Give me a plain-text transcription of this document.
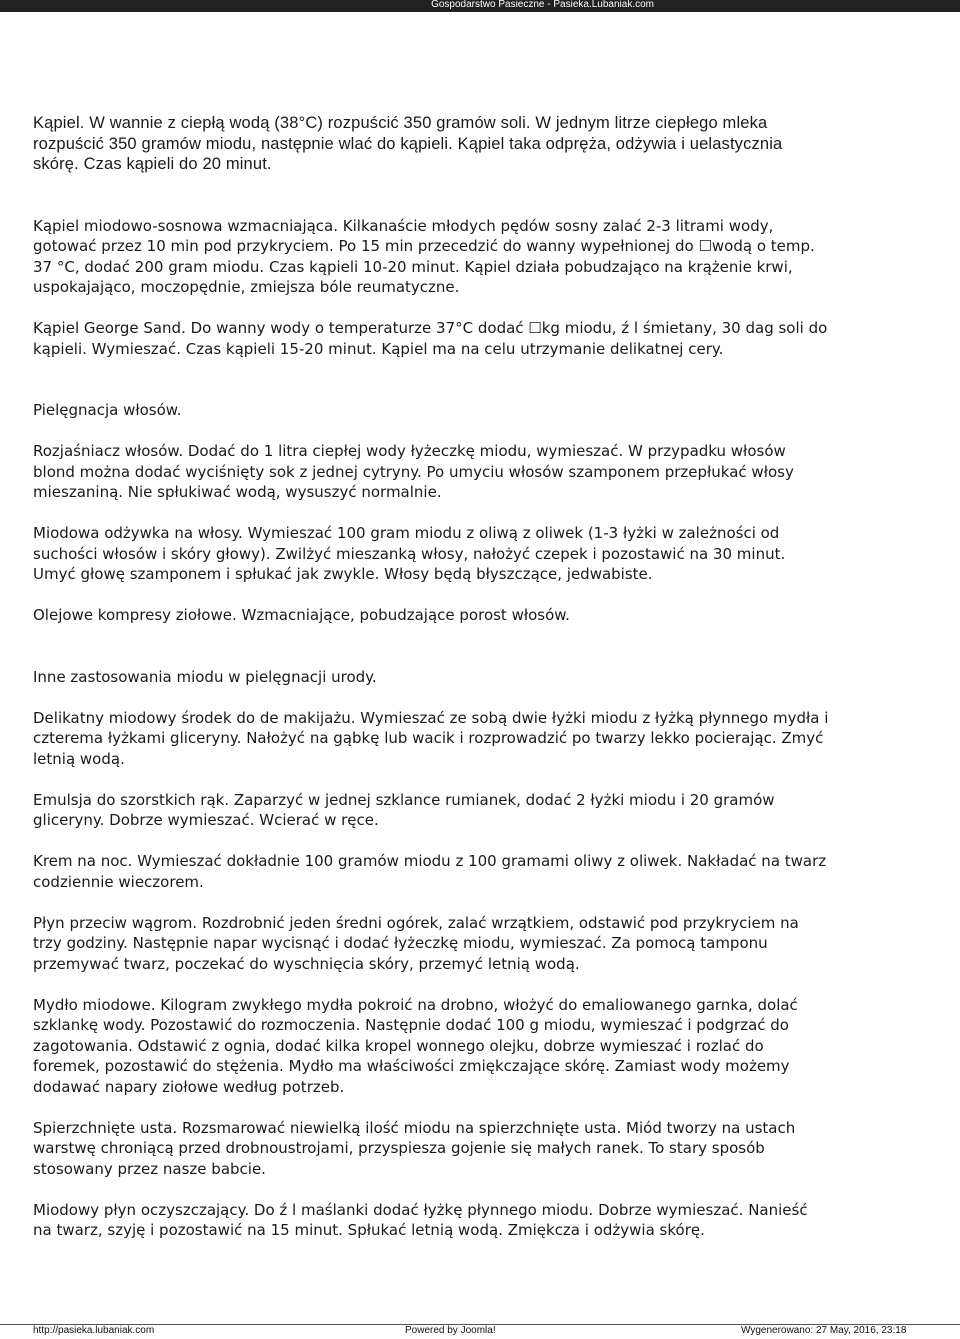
Gospodarstwo Pasieczne - Pasieka.Lubaniak.com

Kąpiel. W wannie z ciepłą wodą (38°C) rozpuścić 350 gramów soli. W jednym litrze ciepłego mleka
rozpuścić 350 gramów miodu, następnie wlać do kąpieli. Kąpiel taka odpręża, odżywia i uelastycznia
skórę. Czas kąpieli do 20 minut.

Kąpiel miodowo-sosnowa wzmacniająca. Kilkanaście młodych pędów sosny zalać 2-3 litrami wody,
gotować przez 10 min pod przykryciem. Po 15 min przecedzić do wanny wypełnionej do ☐wodą o temp.
37 °C, dodać 200 gram miodu. Czas kąpieli 10-20 minut. Kąpiel działa pobudzająco na krążenie krwi,
uspokajająco, moczopędnie, zmiejsza bóle reumatyczne.

Kąpiel George Sand. Do wanny wody o temperaturze 37°C dodać ☐kg miodu, ź l śmietany, 30 dag soli do
kąpieli. Wymieszać. Czas kąpieli 15-20 minut. Kąpiel ma na celu utrzymanie delikatnej cery.

Pielęgnacja włosów.

Rozjaśniacz włosów. Dodać do 1 litra ciepłej wody łyżeczkę miodu, wymieszać. W przypadku włosów
blond można dodać wyciśnięty sok z jednej cytryny. Po umyciu włosów szamponem przepłukać włosy
mieszaniną. Nie spłukiwać wodą, wysuszyć normalnie.

Miodowa odżywka na włosy. Wymieszać 100 gram miodu z oliwą z oliwek (1-3 łyżki w zależności od
suchości włosów i skóry głowy). Zwilżyć mieszanką włosy, nałożyć czepek i pozostawić na 30 minut.
Umyć głowę szamponem i spłukać jak zwykle. Włosy będą błyszczące, jedwabiste.

Olejowe kompresy ziołowe. Wzmacniające, pobudzające porost włosów.

Inne zastosowania miodu w pielęgnacji urody.

Delikatny miodowy środek do de makijażu. Wymieszać ze sobą dwie łyżki miodu z łyżką płynnego mydła i
czterema łyżkami gliceryny. Nałożyć na gąbkę lub wacik i rozprowadzić po twarzy lekko pocierając. Zmyć
letnią wodą.

Emulsja do szorstkich rąk. Zaparzyć w jednej szklance rumianek, dodać 2 łyżki miodu i 20 gramów
gliceryny. Dobrze wymieszać. Wcierać w ręce.

Krem na noc. Wymieszać dokładnie 100 gramów miodu z 100 gramami oliwy z oliwek. Nakładać na twarz
codziennie wieczorem.

Płyn przeciw wągrom. Rozdrobnić jeden średni ogórek, zalać wrzątkiem, odstawić pod przykryciem na
trzy godziny. Następnie napar wycisnąć i dodać łyżeczkę miodu, wymieszać. Za pomocą tamponu
przemywać twarz, poczekać do wyschnięcia skóry, przemyć letnią wodą.

Mydło miodowe. Kilogram zwykłego mydła pokroić na drobno, włożyć do emaliowanego garnka, dolać
szklankę wody. Pozostawić do rozmoczenia. Następnie dodać 100 g miodu, wymieszać i podgrzać do
zagotowania. Odstawić z ognia, dodać kilka kropel wonnego olejku, dobrze wymieszać i rozlać do
foremek, pozostawić do stężenia. Mydło ma właściwości zmiękczające skórę. Zamiast wody możemy
dodawać napary ziołowe według potrzeb.

Spierzchnięte usta. Rozsmarować niewielką ilość miodu na spierzchnięte usta. Miód tworzy na ustach
warstwę chroniącą przed drobnoustrojami, przyspiesza gojenie się małych ranek. To stary sposób
stosowany przez nasze babcie.

Miodowy płyn oczyszczający. Do ź l maślanki dodać łyżkę płynnego miodu. Dobrze wymieszać. Nanieść
na twarz, szyję i pozostawić na 15 minut. Spłukać letnią wodą. Zmiękcza i odżywia skórę.

http://pasieka.lubaniak.com	Powered by Joomla!	Wygenerowano: 27 May, 2016, 23:18
